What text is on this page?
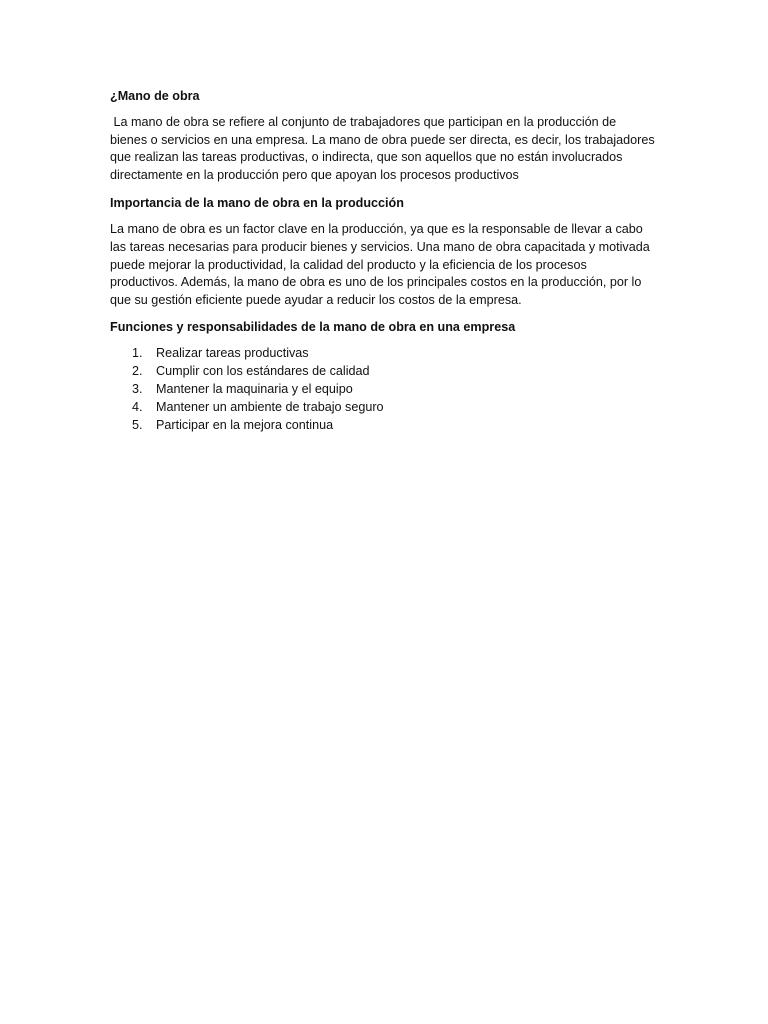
¿Mano de obra

La mano de obra se refiere al conjunto de trabajadores que participan en la producción de bienes o servicios en una empresa. La mano de obra puede ser directa, es decir, los trabajadores que realizan las tareas productivas, o indirecta, que son aquellos que no están involucrados directamente en la producción pero que apoyan los procesos productivos

Importancia de la mano de obra en la producción

La mano de obra es un factor clave en la producción, ya que es la responsable de llevar a cabo las tareas necesarias para producir bienes y servicios. Una mano de obra capacitada y motivada puede mejorar la productividad, la calidad del producto y la eficiencia de los procesos productivos. Además, la mano de obra es uno de los principales costos en la producción, por lo que su gestión eficiente puede ayudar a reducir los costos de la empresa.

Funciones y responsabilidades de la mano de obra en una empresa

1. Realizar tareas productivas
2. Cumplir con los estándares de calidad
3. Mantener la maquinaria y el equipo
4. Mantener un ambiente de trabajo seguro
5. Participar en la mejora continua
